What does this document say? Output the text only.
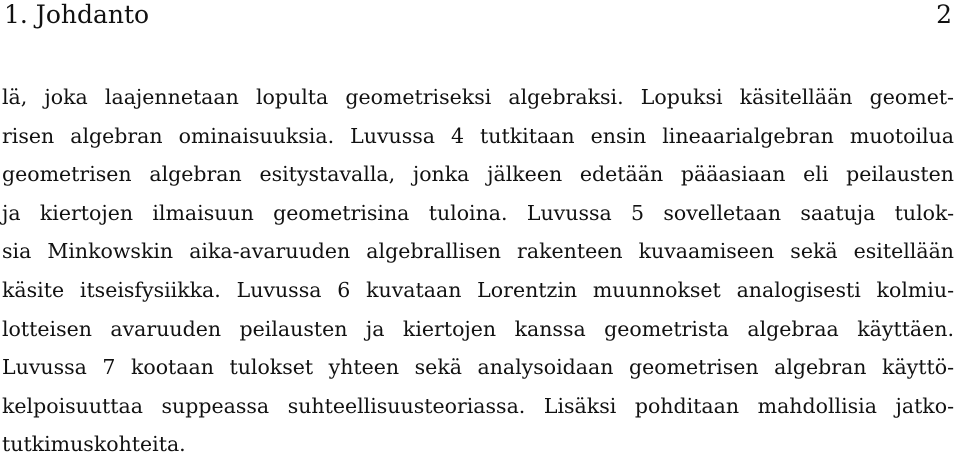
1. Johdanto	2
lä, joka laajennetaan lopulta geometriseksi algebraksi. Lopuksi käsitellään geomet-
risen algebran ominaisuuksia. Luvussa 4 tutkitaan ensin lineaarialgebran muotoilua
geometrisen algebran esitystavalla, jonka jälkeen edetään pääasiaan eli peilausten
ja kiertojen ilmaisuun geometrisina tuloina. Luvussa 5 sovelletaan saatuja tulok-
sia Minkowskin aika-avaruuden algebrallisen rakenteen kuvaamiseen sekä esitellään
käsite itseisfysiikka. Luvussa 6 kuvataan Lorentzin muunnokset analogisesti kolmiu-
lotteisen avaruuden peilausten ja kiertojen kanssa geometrista algebraa käyttäen.
Luvussa 7 kootaan tulokset yhteen sekä analysoidaan geometrisen algebran käyttö-
kelpoisuuttaa suppeassa suhteellisuusteoriassa. Lisäksi pohditaan mahdollisia jatko-
tutkimuskohteita.
